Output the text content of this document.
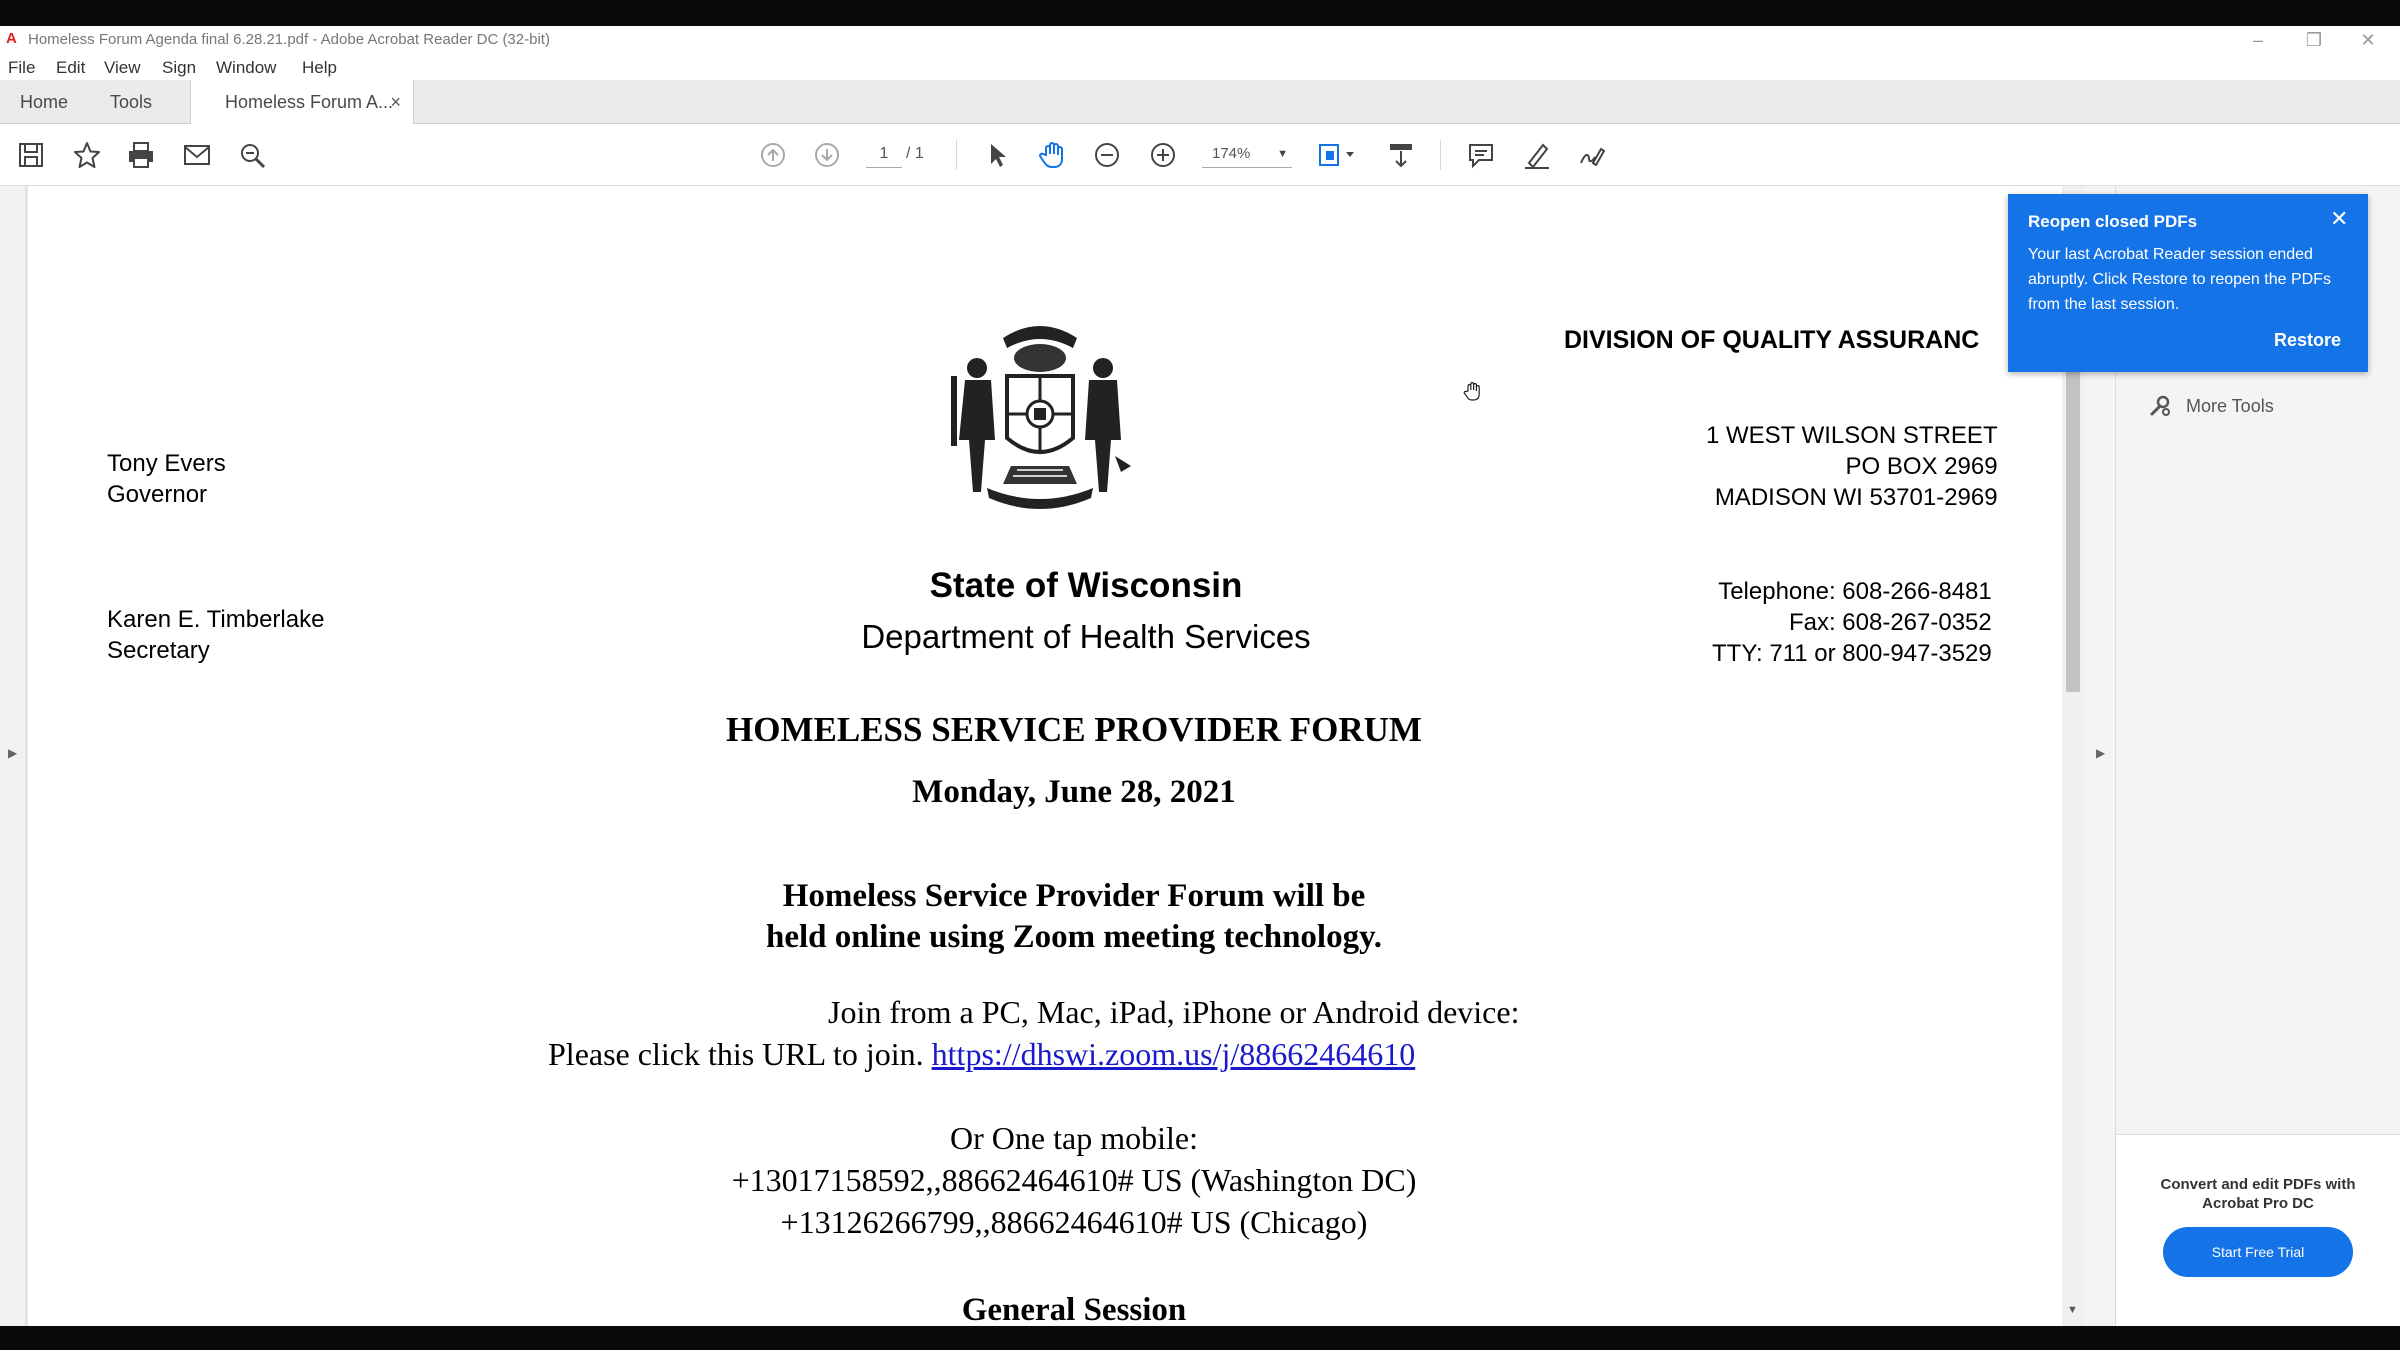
A Homeless Forum Agenda final 6.28.21.pdf - Adobe Acrobat Reader DC (32-bit)	–	❐	✕
File Edit View Sign Window Help
Home Tools	Homeless Forum A...
×
1	/ 1	174% ▼
▶
DIVISION OF QUALITY ASSURANC
1 WEST WILSON STREET
PO BOX 2969
MADISON WI 53701-2969
Tony Evers
Governor
Karen E. Timberlake
Secretary
Telephone: 608-266-8481
Fax: 608-267-0352
TTY: 711 or 800-947-3529
State of Wisconsin
Department of Health Services
HOMELESS SERVICE PROVIDER FORUM
Monday, June 28, 2021
Homeless Service Provider Forum will be
held online using Zoom meeting technology.
Join from a PC, Mac, iPad, iPhone or Android device:
Please click this URL to join. https://dhswi.zoom.us/j/88662464610
Or One tap mobile:
+13017158592,,88662464610# US (Washington DC)
+13126266799,,88662464610# US (Chicago)
General Session	▼
▶
More Tools
Convert and edit PDFs with Acrobat Pro DC
Start Free Trial
Reopen closed PDFs	✕
Your last Acrobat Reader session ended abruptly. Click Restore to reopen the PDFs from the last session.
Restore
